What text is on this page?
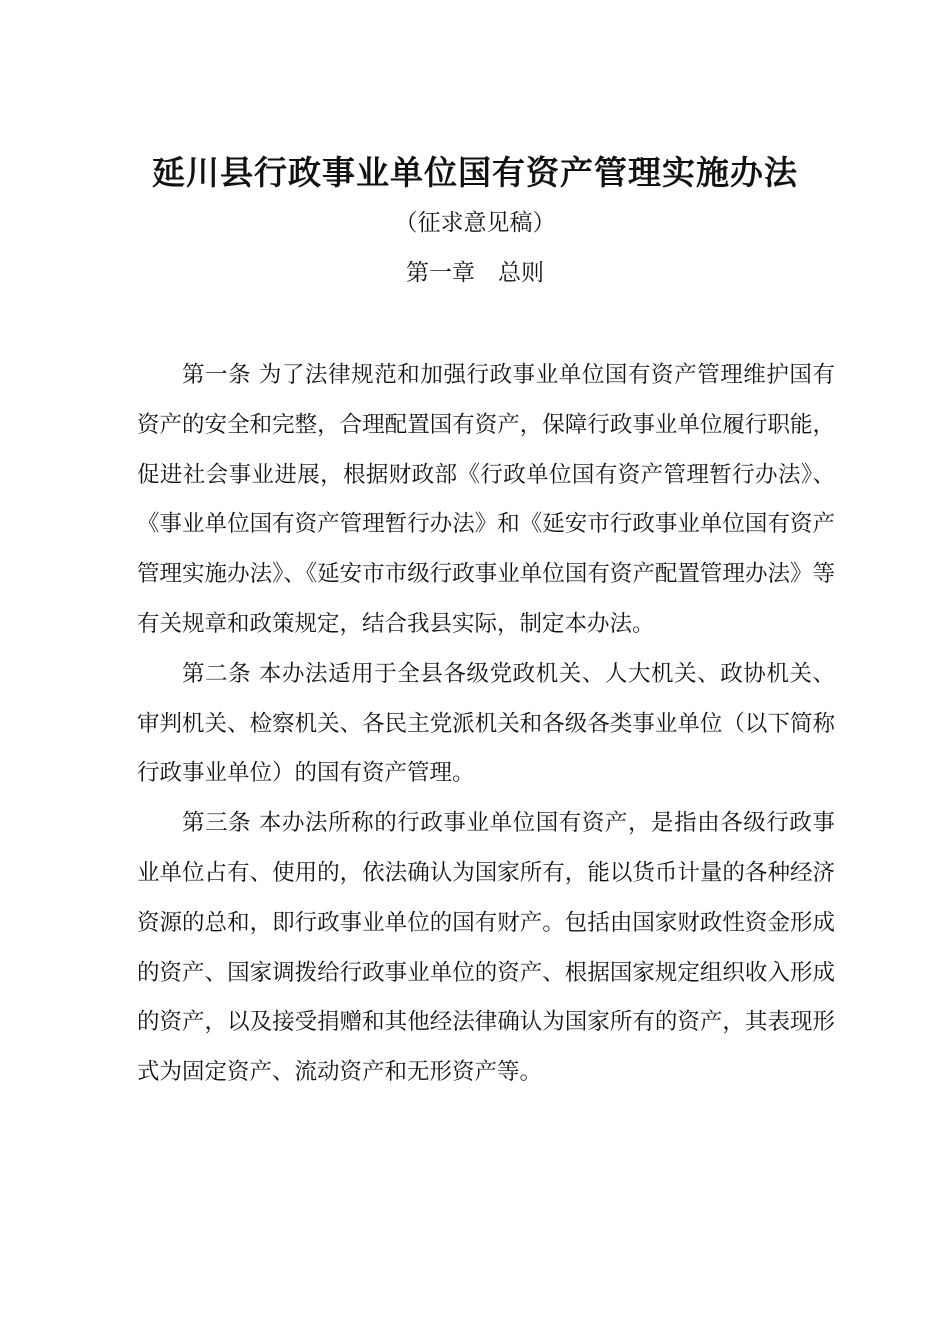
延川县行政事业单位国有资产管理实施办法
（征求意见稿）
第一章　总则

第一条 为了法律规范和加强行政事业单位国有资产管理维护国有资产的安全和完整，合理配置国有资产，保障行政事业单位履行职能，促进社会事业进展，根据财政部《行政单位国有资产管理暂行办法》、《事业单位国有资产管理暂行办法》和《延安市行政事业单位国有资产管理实施办法》、《延安市市级行政事业单位国有资产配置管理办法》等有关规章和政策规定，结合我县实际，制定本办法。

第二条 本办法适用于全县各级党政机关、人大机关、政协机关、审判机关、检察机关、各民主党派机关和各级各类事业单位（以下简称行政事业单位）的国有资产管理。

第三条 本办法所称的行政事业单位国有资产，是指由各级行政事业单位占有、使用的，依法确认为国家所有，能以货币计量的各种经济资源的总和，即行政事业单位的国有财产。包括由国家财政性资金形成的资产、国家调拨给行政事业单位的资产、根据国家规定组织收入形成的资产，以及接受捐赠和其他经法律确认为国家所有的资产，其表现形式为固定资产、流动资产和无形资产等。
